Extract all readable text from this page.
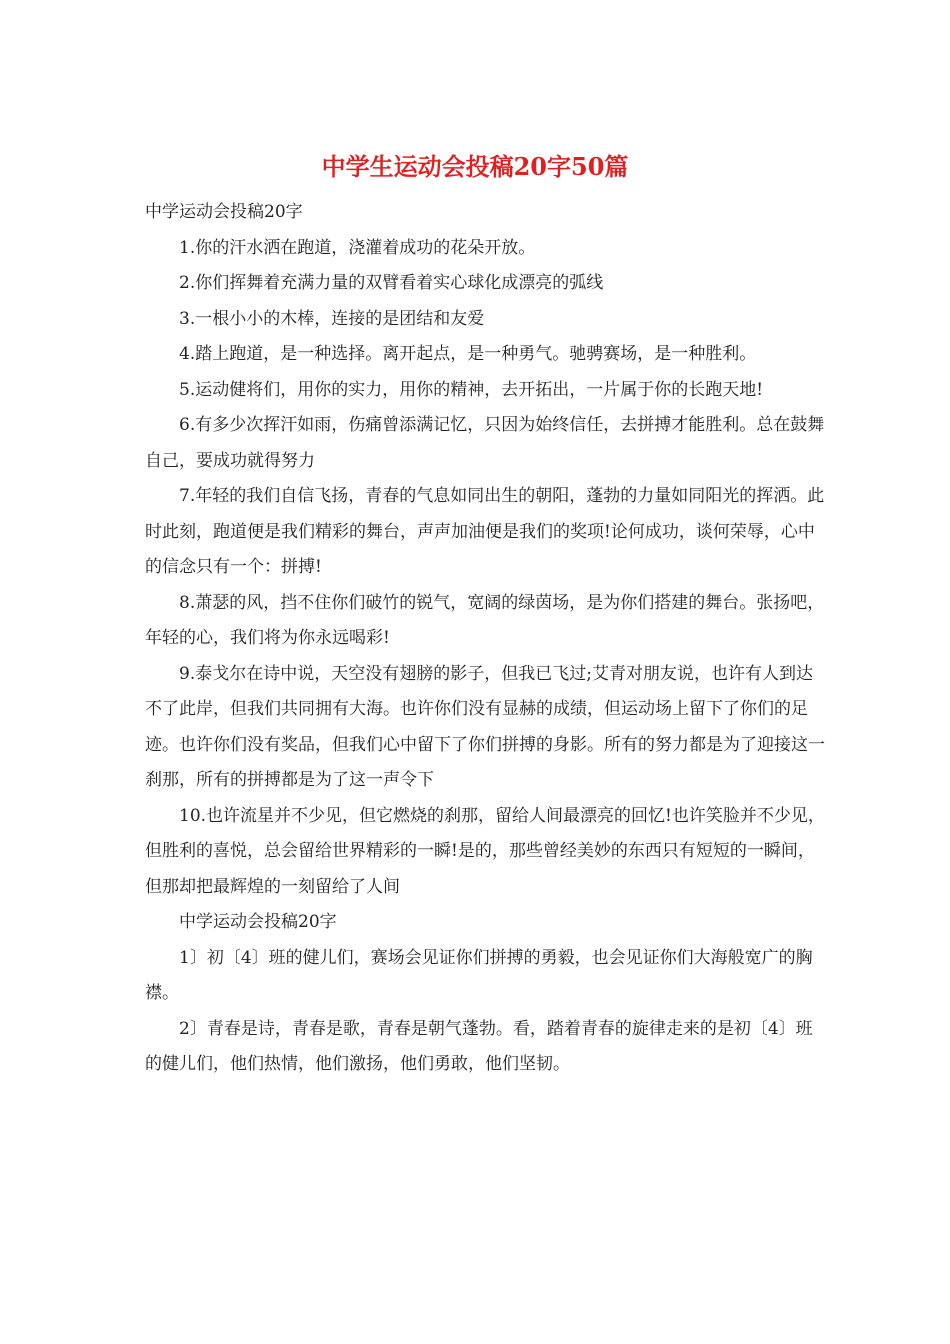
中学生运动会投稿20字50篇

中学运动会投稿20字

1.你的汗水洒在跑道，浇灌着成功的花朵开放。

2.你们挥舞着充满力量的双臂看着实心球化成漂亮的弧线

3.一根小小的木棒，连接的是团结和友爱

4.踏上跑道，是一种选择。离开起点，是一种勇气。驰骋赛场，是一种胜利。

5.运动健将们，用你的实力，用你的精神，去开拓出，一片属于你的长跑天地!

6.有多少次挥汗如雨，伤痛曾添满记忆，只因为始终信任，去拼搏才能胜利。总在鼓舞自己，要成功就得努力

7.年轻的我们自信飞扬，青春的气息如同出生的朝阳，蓬勃的力量如同阳光的挥洒。此时此刻，跑道便是我们精彩的舞台，声声加油便是我们的奖项!论何成功，谈何荣辱，心中的信念只有一个：拼搏!

8.萧瑟的风，挡不住你们破竹的锐气，宽阔的绿茵场，是为你们搭建的舞台。张扬吧，年轻的心，我们将为你永远喝彩!

9.泰戈尔在诗中说，天空没有翅膀的影子，但我已飞过;艾青对朋友说，也许有人到达不了此岸，但我们共同拥有大海。也许你们没有显赫的成绩，但运动场上留下了你们的足迹。也许你们没有奖品，但我们心中留下了你们拼搏的身影。所有的努力都是为了迎接这一刹那，所有的拼搏都是为了这一声令下

10.也许流星并不少见，但它燃烧的刹那，留给人间最漂亮的回忆!也许笑脸并不少见，但胜利的喜悦，总会留给世界精彩的一瞬!是的，那些曾经美妙的东西只有短短的一瞬间，但那却把最辉煌的一刻留给了人间

中学运动会投稿20字

1〕初〔4〕班的健儿们，赛场会见证你们拼搏的勇毅，也会见证你们大海般宽广的胸襟。

2〕青春是诗，青春是歌，青春是朝气蓬勃。看，踏着青春的旋律走来的是初〔4〕班的健儿们，他们热情，他们激扬，他们勇敢，他们坚韧。
